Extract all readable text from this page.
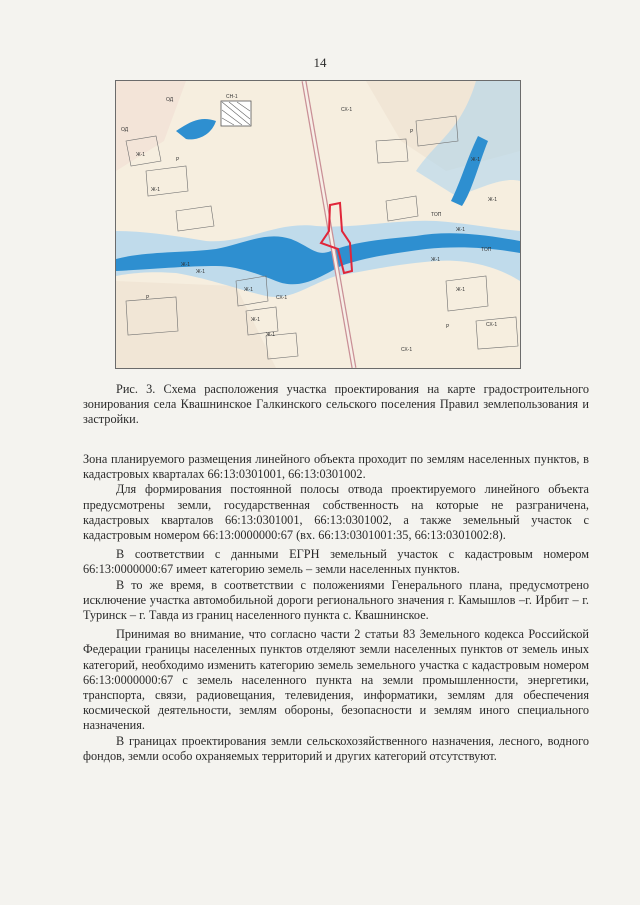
14
СХ-1
Р
Р
Р
Р
Ж-1
Ж-1
Ж-1
Ж-1
Ж-1
Ж-1
Ж-1
Ж-1
Ж-1
Ж-1
Ж-1
Ж-1
СН-1
ТОП
ТОП
СХ-1
СХ-1
СХ-1
ОД
ОД
Рис. 3. Схема расположения участка проектирования на карте градостроительного зонирования села Квашнинское Галкинского сельского поселения Правил землепользования и застройки.

Зона планируемого размещения линейного объекта проходит по землям населенных пунктов, в кадастровых кварталах 66:13:0301001, 66:13:0301002.

Для формирования постоянной полосы отвода проектируемого линейного объекта предусмотрены земли, государственная собственность на которые не разграничена, кадастровых кварталов 66:13:0301001, 66:13:0301002, а также земельный участок с кадастровым номером 66:13:0000000:67 (вх. 66:13:0301001:35, 66:13:0301002:8).

В соответствии с данными ЕГРН земельный участок с кадастровым номером 66:13:0000000:67 имеет категорию земель – земли населенных пунктов.

В то же время, в соответствии с положениями Генерального плана, предусмотрено исключение участка автомобильной дороги регионального значения г. Камышлов –г. Ирбит – г. Туринск – г. Тавда из границ населенного пункта с. Квашнинское.

Принимая во внимание, что согласно части 2 статьи 83 Земельного кодекса Российской Федерации границы населенных пунктов отделяют земли населенных пунктов от земель иных категорий, необходимо изменить категорию земель земельного участка с кадастровым номером 66:13:0000000:67 с земель населенного пункта на земли промышленности, энергетики, транспорта, связи, радиовещания, телевидения, информатики, землям для обеспечения космической деятельности, землям обороны, безопасности и землям иного специального назначения.

В границах проектирования земли сельскохозяйственного назначения, лесного, водного фондов, земли особо охраняемых территорий и других категорий отсутствуют.
